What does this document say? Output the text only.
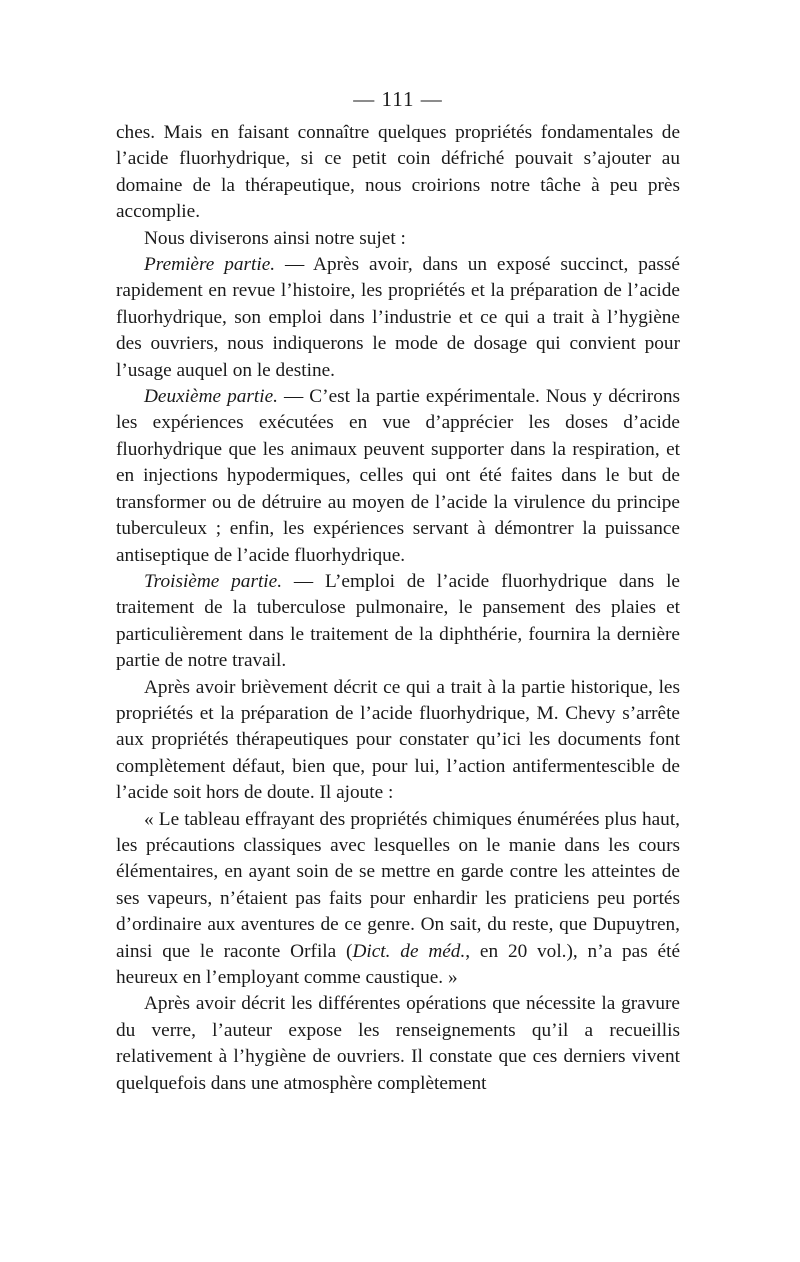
— 111 —

ches. Mais en faisant connaître quelques propriétés fondamentales de l’acide fluorhydrique, si ce petit coin défriché pouvait s’ajouter au domaine de la thérapeutique, nous croirions notre tâche à peu près accomplie.

Nous diviserons ainsi notre sujet :

Première partie. — Après avoir, dans un exposé succinct, passé rapidement en revue l’histoire, les propriétés et la préparation de l’acide fluorhydrique, son emploi dans l’industrie et ce qui a trait à l’hygiène des ouvriers, nous indiquerons le mode de dosage qui convient pour l’usage auquel on le destine.

Deuxième partie. — C’est la partie expérimentale. Nous y décrirons les expériences exécutées en vue d’apprécier les doses d’acide fluorhydrique que les animaux peuvent supporter dans la respiration, et en injections hypodermiques, celles qui ont été faites dans le but de transformer ou de détruire au moyen de l’acide la virulence du principe tuberculeux ; enfin, les expériences servant à démontrer la puissance antiseptique de l’acide fluorhydrique.

Troisième partie. — L’emploi de l’acide fluorhydrique dans le traitement de la tuberculose pulmonaire, le pansement des plaies et particulièrement dans le traitement de la diphthérie, fournira la dernière partie de notre travail.

Après avoir brièvement décrit ce qui a trait à la partie historique, les propriétés et la préparation de l’acide fluorhydrique, M. Chevy s’arrête aux propriétés thérapeutiques pour constater qu’ici les documents font complètement défaut, bien que, pour lui, l’action antifermentescible de l’acide soit hors de doute. Il ajoute :

« Le tableau effrayant des propriétés chimiques énumérées plus haut, les précautions classiques avec lesquelles on le manie dans les cours élémentaires, en ayant soin de se mettre en garde contre les atteintes de ses vapeurs, n’étaient pas faits pour enhardir les praticiens peu portés d’ordinaire aux aventures de ce genre. On sait, du reste, que Dupuytren, ainsi que le raconte Orfila (Dict. de méd., en 20 vol.), n’a pas été heureux en l’employant comme caustique. »

Après avoir décrit les différentes opérations que nécessite la gravure du verre, l’auteur expose les renseignements qu’il a recueillis relativement à l’hygiène de ouvriers. Il constate que ces derniers vivent quelquefois dans une atmosphère complètement
